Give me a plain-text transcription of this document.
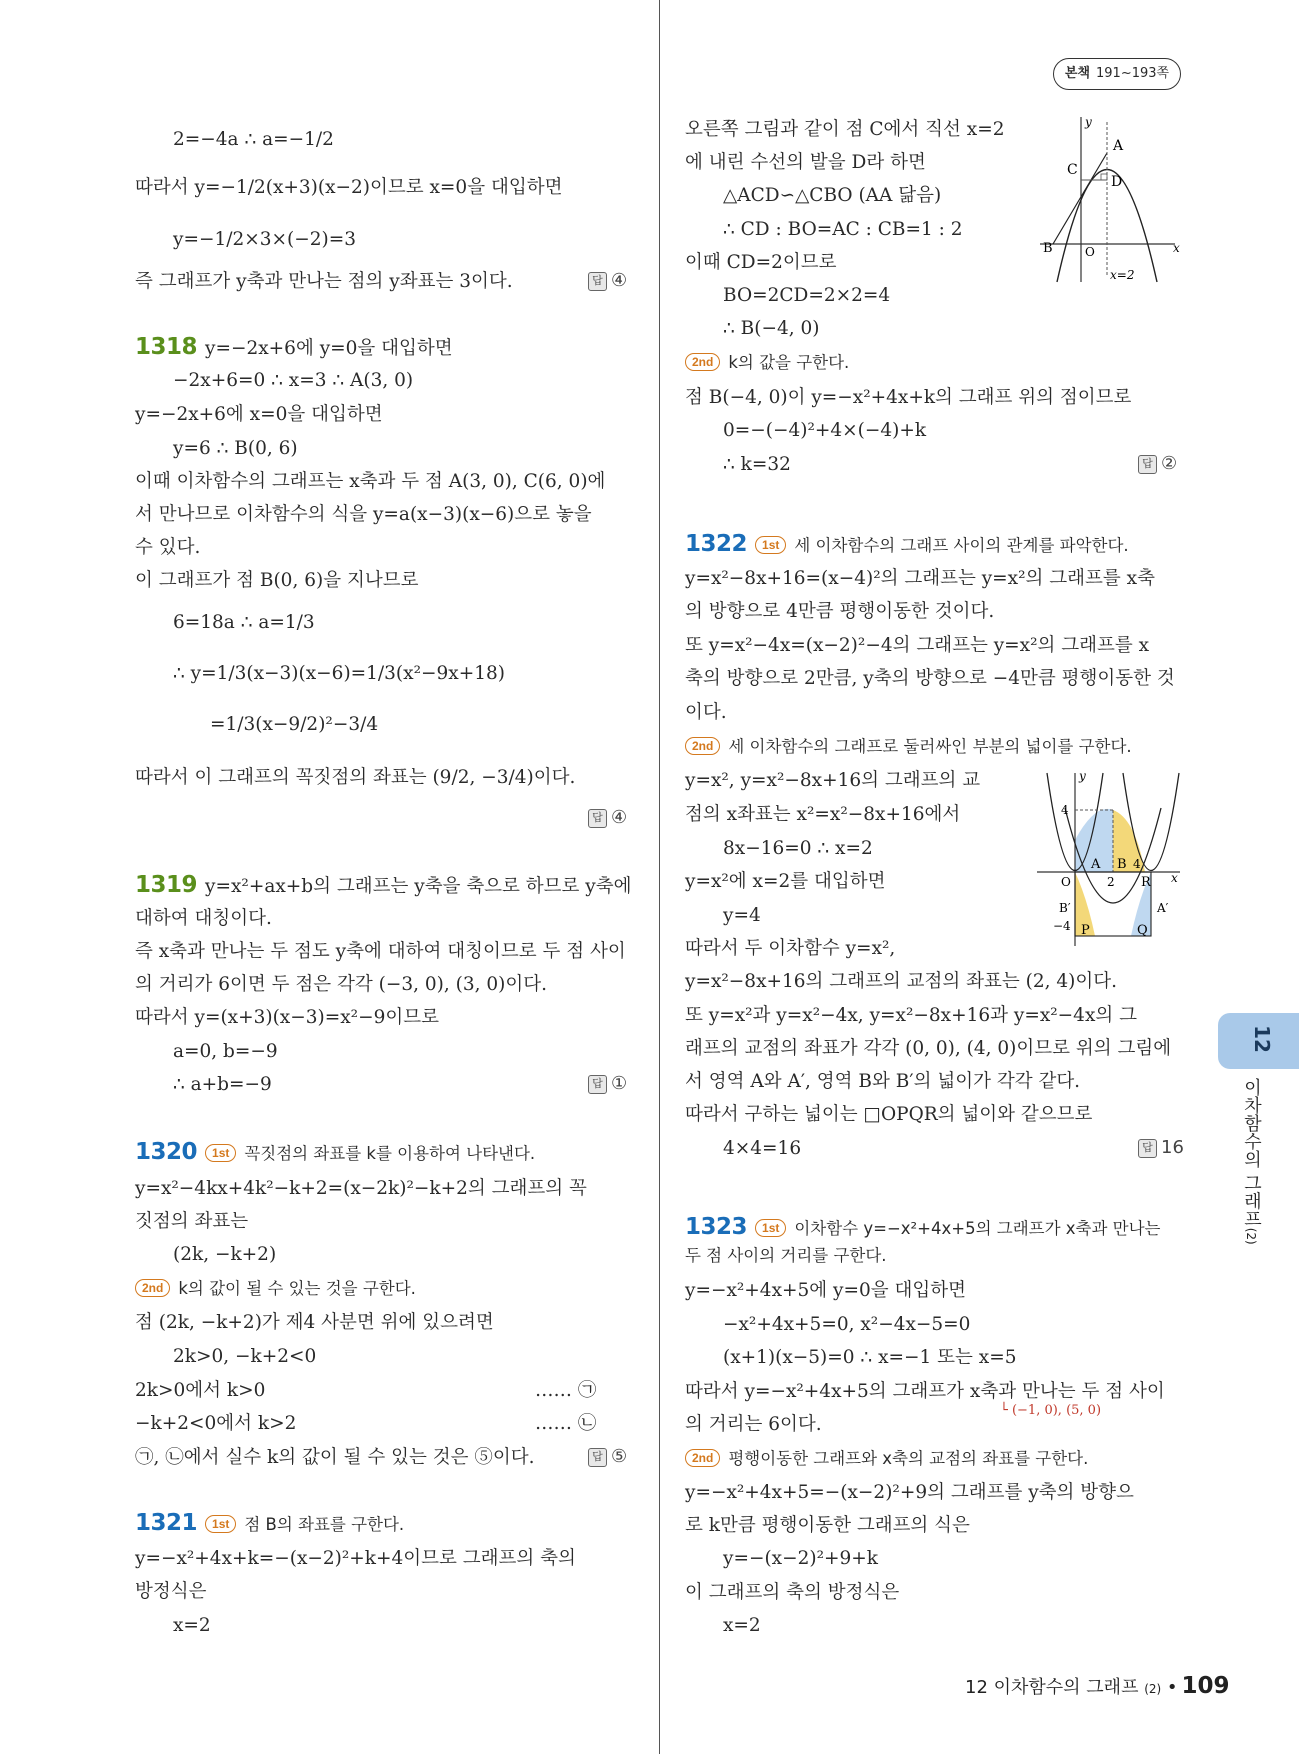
본책 191~193쪽
2=−4a ∴ a=−1/2
따라서 y=−1/2(x+3)(x−2)이므로 x=0을 대입하면
y=−1/2×3×(−2)=3
즉 그래프가 y축과 만나는 점의 y좌표는 3이다.	답 ④
1318 y=−2x+6에 y=0을 대입하면
−2x+6=0 ∴ x=3 ∴ A(3, 0)
y=−2x+6에 x=0을 대입하면
y=6 ∴ B(0, 6)
이때 이차함수의 그래프는 x축과 두 점 A(3, 0), C(6, 0)에
서 만나므로 이차함수의 식을 y=a(x−3)(x−6)으로 놓을
수 있다.
이 그래프가 점 B(0, 6)을 지나므로
6=18a ∴ a=1/3
∴ y=1/3(x−3)(x−6)=1/3(x²−9x+18)
=1/3(x−9/2)²−3/4
따라서 이 그래프의 꼭짓점의 좌표는 (9/2, −3/4)이다.
답 ④
1319 y=x²+ax+b의 그래프는 y축을 축으로 하므로 y축에
대하여 대칭이다.
즉 x축과 만나는 두 점도 y축에 대하여 대칭이므로 두 점 사이
의 거리가 6이면 두 점은 각각 (−3, 0), (3, 0)이다.
따라서 y=(x+3)(x−3)=x²−9이므로
a=0, b=−9
∴ a+b=−9	답 ①
1320 1st 꼭짓점의 좌표를 k를 이용하여 나타낸다.
y=x²−4kx+4k²−k+2=(x−2k)²−k+2의 그래프의 꼭
짓점의 좌표는
(2k, −k+2)
2nd k의 값이 될 수 있는 것을 구한다.
점 (2k, −k+2)가 제4 사분면 위에 있으려면
2k>0, −k+2<0
2k>0에서 k>0	…… ㉠
−k+2<0에서 k>2	…… ㉡
㉠, ㉡에서 실수 k의 값이 될 수 있는 것은 ⑤이다.	답 ⑤
1321 1st 점 B의 좌표를 구한다.
y=−x²+4x+k=−(x−2)²+k+4이므로 그래프의 축의
방정식은
x=2
오른쪽 그림과 같이 점 C에서 직선 x=2
에 내린 수선의 발을 D라 하면
△ACD∽△CBO (AA 닮음)
∴ CD : BO=AC : CB=1 : 2
이때 CD=2이므로
BO=2CD=2×2=4
∴ B(−4, 0)
y
A
C
D
B	O	x
x=2
2nd k의 값을 구한다.
점 B(−4, 0)이 y=−x²+4x+k의 그래프 위의 점이므로
0=−(−4)²+4×(−4)+k
∴ k=32	답 ②
1322 1st 세 이차함수의 그래프 사이의 관계를 파악한다.
y=x²−8x+16=(x−4)²의 그래프는 y=x²의 그래프를 x축
의 방향으로 4만큼 평행이동한 것이다.
또 y=x²−4x=(x−2)²−4의 그래프는 y=x²의 그래프를 x
축의 방향으로 2만큼, y축의 방향으로 −4만큼 평행이동한 것
이다.
2nd 세 이차함수의 그래프로 둘러싸인 부분의 넓이를 구한다.
y=x², y=x²−8x+16의 그래프의 교
점의 x좌표는 x²=x²−8x+16에서
8x−16=0 ∴ x=2
y=x²에 x=2를 대입하면
y=4
따라서 두 이차함수 y=x²,
y
4
A B 4
O	2 R x
B′	A′
−4 P	Q
y=x²−8x+16의 그래프의 교점의 좌표는 (2, 4)이다.
또 y=x²과 y=x²−4x, y=x²−8x+16과 y=x²−4x의 그
래프의 교점의 좌표가 각각 (0, 0), (4, 0)이므로 위의 그림에
서 영역 A와 A′, 영역 B와 B′의 넓이가 각각 같다.
따라서 구하는 넓이는 □OPQR의 넓이와 같으므로
4×4=16	답 16
1323 1st 이차함수 y=−x²+4x+5의 그래프가 x축과 만나는
두 점 사이의 거리를 구한다.
y=−x²+4x+5에 y=0을 대입하면
−x²+4x+5=0, x²−4x−5=0
(x+1)(x−5)=0 ∴ x=−1 또는 x=5
따라서 y=−x²+4x+5의 그래프가 x축과 만나는 두 점 사이
└ (−1, 0), (5, 0)
의 거리는 6이다.
2nd 평행이동한 그래프와 x축의 교점의 좌표를 구한다.
y=−x²+4x+5=−(x−2)²+9의 그래프를 y축의 방향으
로 k만큼 평행이동한 그래프의 식은
y=−(x−2)²+9+k
이 그래프의 축의 방정식은
x=2
12
이차함수의 그래프(2)
12 이차함수의 그래프 (2) • 109
